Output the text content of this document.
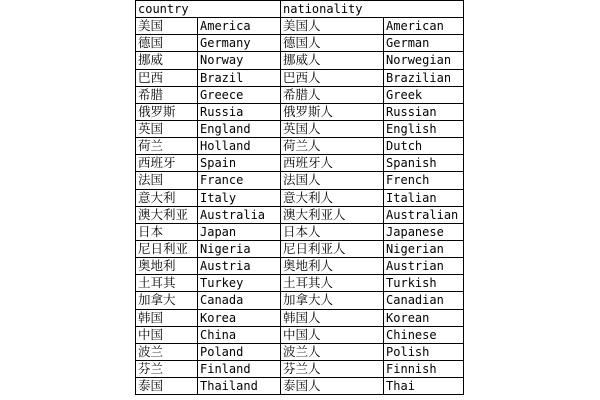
country		nationality	
美国	America	美国人	American
德国	Germany	德国人	German
挪威	Norway	挪威人	Norwegian
巴西	Brazil	巴西人	Brazilian
希腊	Greece	希腊人	Greek
俄罗斯	Russia	俄罗斯人	Russian
英国	England	英国人	English
荷兰	Holland	荷兰人	Dutch
西班牙	Spain	西班牙人	Spanish
法国	France	法国人	French
意大利	Italy	意大利人	Italian
澳大利亚	Australia	澳大利亚人	Australian
日本	Japan	日本人	Japanese
尼日利亚	Nigeria	尼日利亚人	Nigerian
奥地利	Austria	奥地利人	Austrian
土耳其	Turkey	土耳其人	Turkish
加拿大	Canada	加拿大人	Canadian
韩国	Korea	韩国人	Korean
中国	China	中国人	Chinese
波兰	Poland	波兰人	Polish
芬兰	Finland	芬兰人	Finnish
泰国	Thailand	泰国人	Thai
